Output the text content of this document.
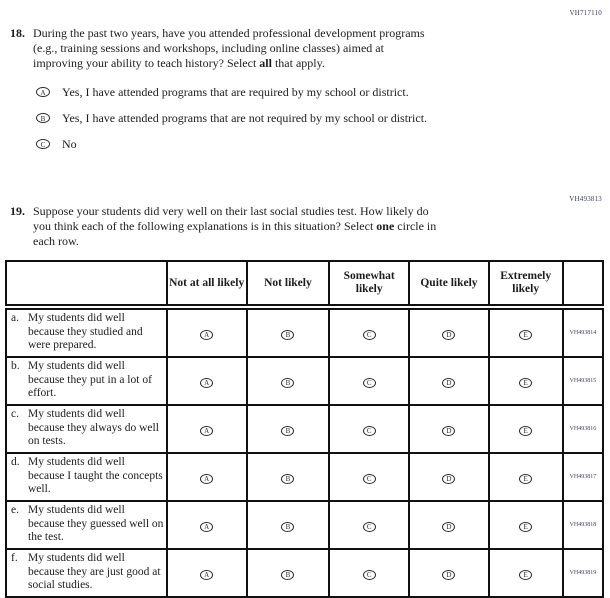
VH717110
18. During the past two years, have you attended professional development programs
(e.g., training sessions and workshops, including online classes) aimed at
improving your ability to teach history? Select all that apply.
A	Yes, I have attended programs that are required by my school or district.
B	Yes, I have attended programs that are not required by my school or district.
C	No
VH493813
19. Suppose your students did very well on their last social studies test. How likely do
you think each of the following explanations is in this situation? Select one circle in
each row.
	Not at all likely	Not likely	Somewhat likely	Quite likely	Extremely likely	

a. My students did well because they studied and were prepared.	A	B	C	D	E	VH493814

b. My students did well because they put in a lot of effort.	A	B	C	D	E	VH493815

c. My students did well because they always do well on tests.	A	B	C	D	E	VH493816

d. My students did well because I taught the concepts well.	A	B	C	D	E	VH493817

e. My students did well because they guessed well on the test.	A	B	C	D	E	VH493818

f. My students did well because they are just good at social studies.	A	B	C	D	E	VH493819
